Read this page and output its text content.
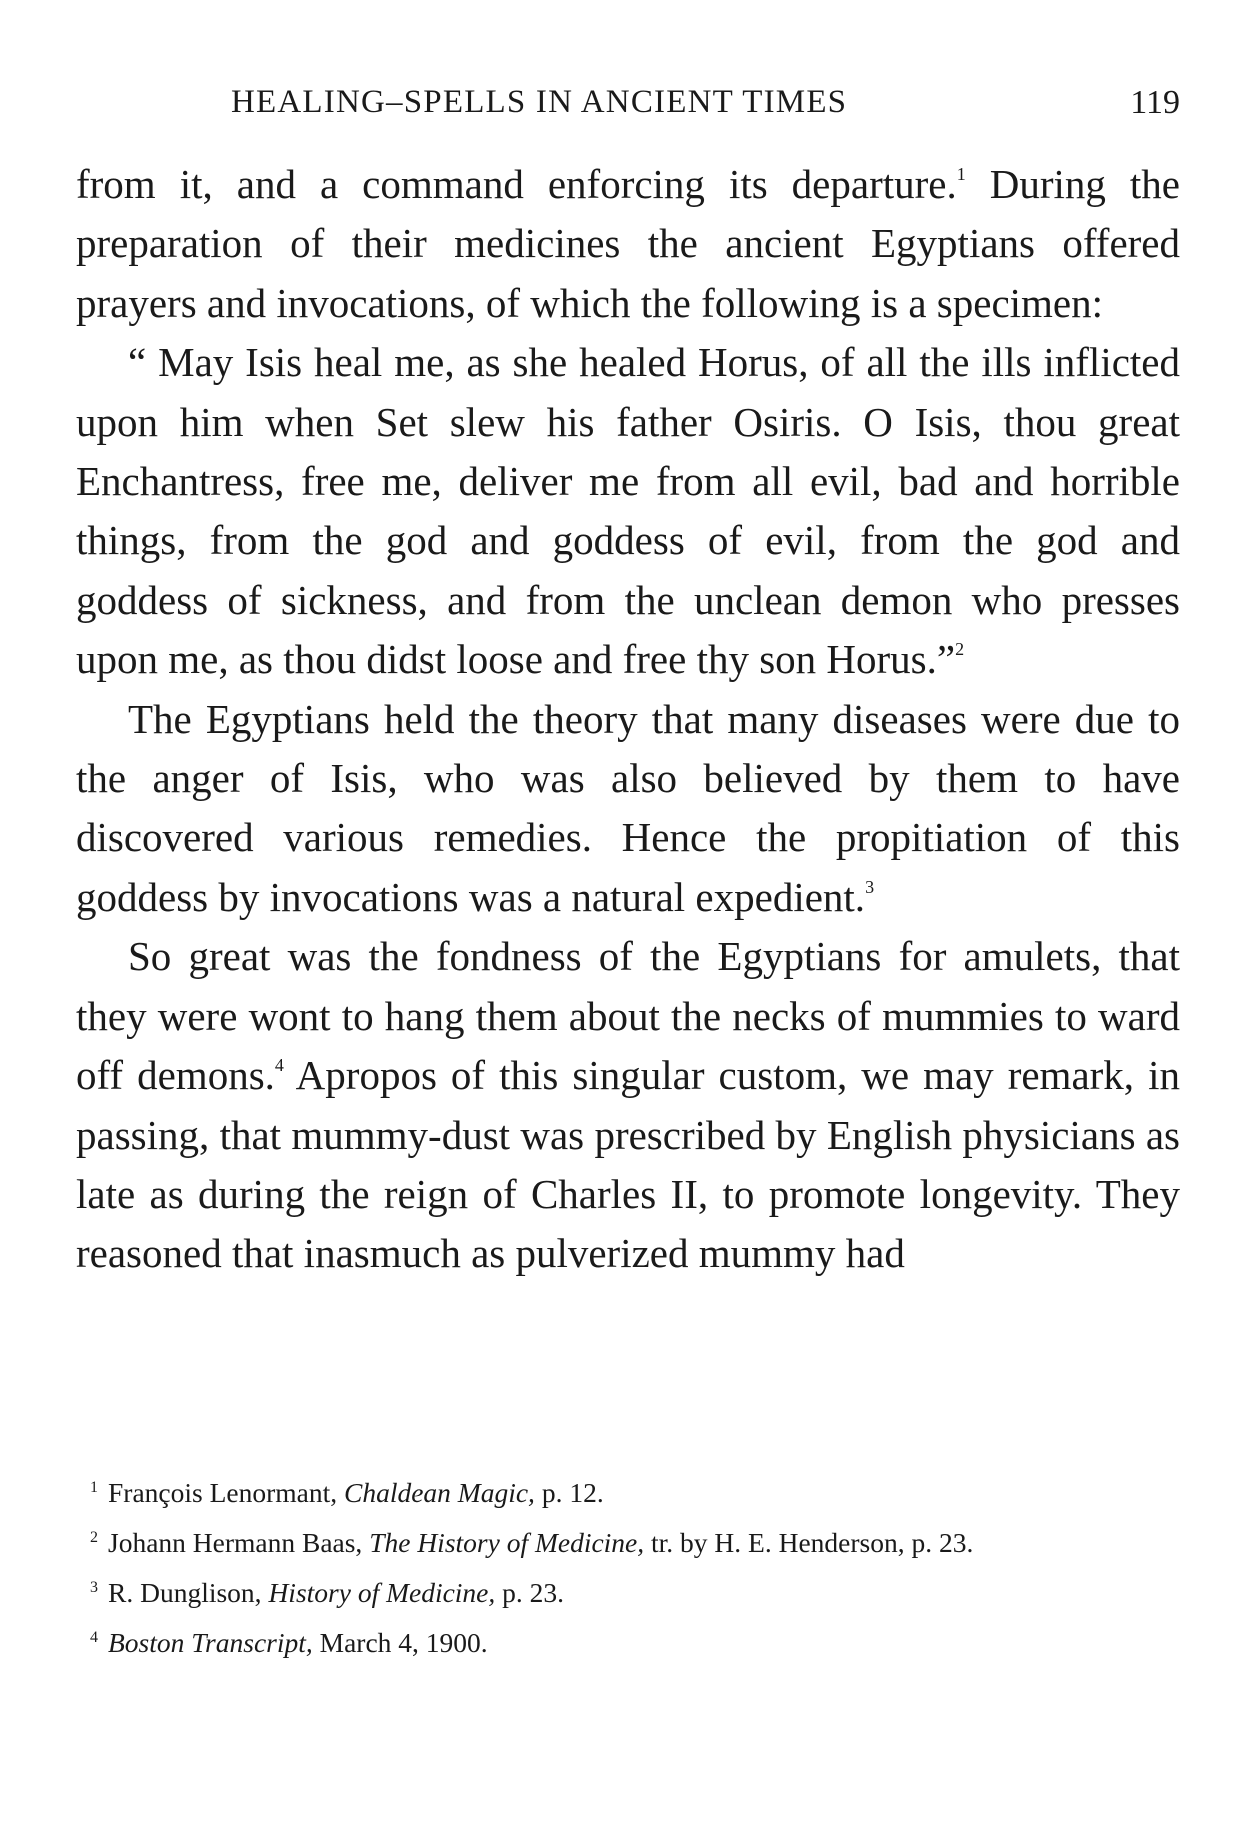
HEALING–SPELLS IN ANCIENT TIMES	119

from it, and a command enforcing its departure.$^1$ During the preparation of their medicines the ancient Egyptians offered prayers and invocations, of which the following is a specimen:

“ May Isis heal me, as she healed Horus, of all the ills inflicted upon him when Set slew his father Osiris. O Isis, thou great Enchantress, free me, deliver me from all evil, bad and horrible things, from the god and goddess of evil, from the god and goddess of sickness, and from the unclean demon who presses upon me, as thou didst loose and free thy son Horus.”$^2$

The Egyptians held the theory that many diseases were due to the anger of Isis, who was also believed by them to have discovered various remedies. Hence the propitiation of this goddess by invocations was a natural expedient.$^3$

So great was the fondness of the Egyptians for amulets, that they were wont to hang them about the necks of mummies to ward off demons.$^4$ Apropos of this singular custom, we may remark, in passing, that mummy-dust was prescribed by English physicians as late as during the reign of Charles II, to promote longevity. They reasoned that inasmuch as pulverized mummy had

$^1$ François Lenormant, Chaldean Magic, p. 12.

$^2$ Johann Hermann Baas, The History of Medicine, tr. by H. E. Henderson, p. 23.

$^3$ R. Dunglison, History of Medicine, p. 23.

$^4$ Boston Transcript, March 4, 1900.
